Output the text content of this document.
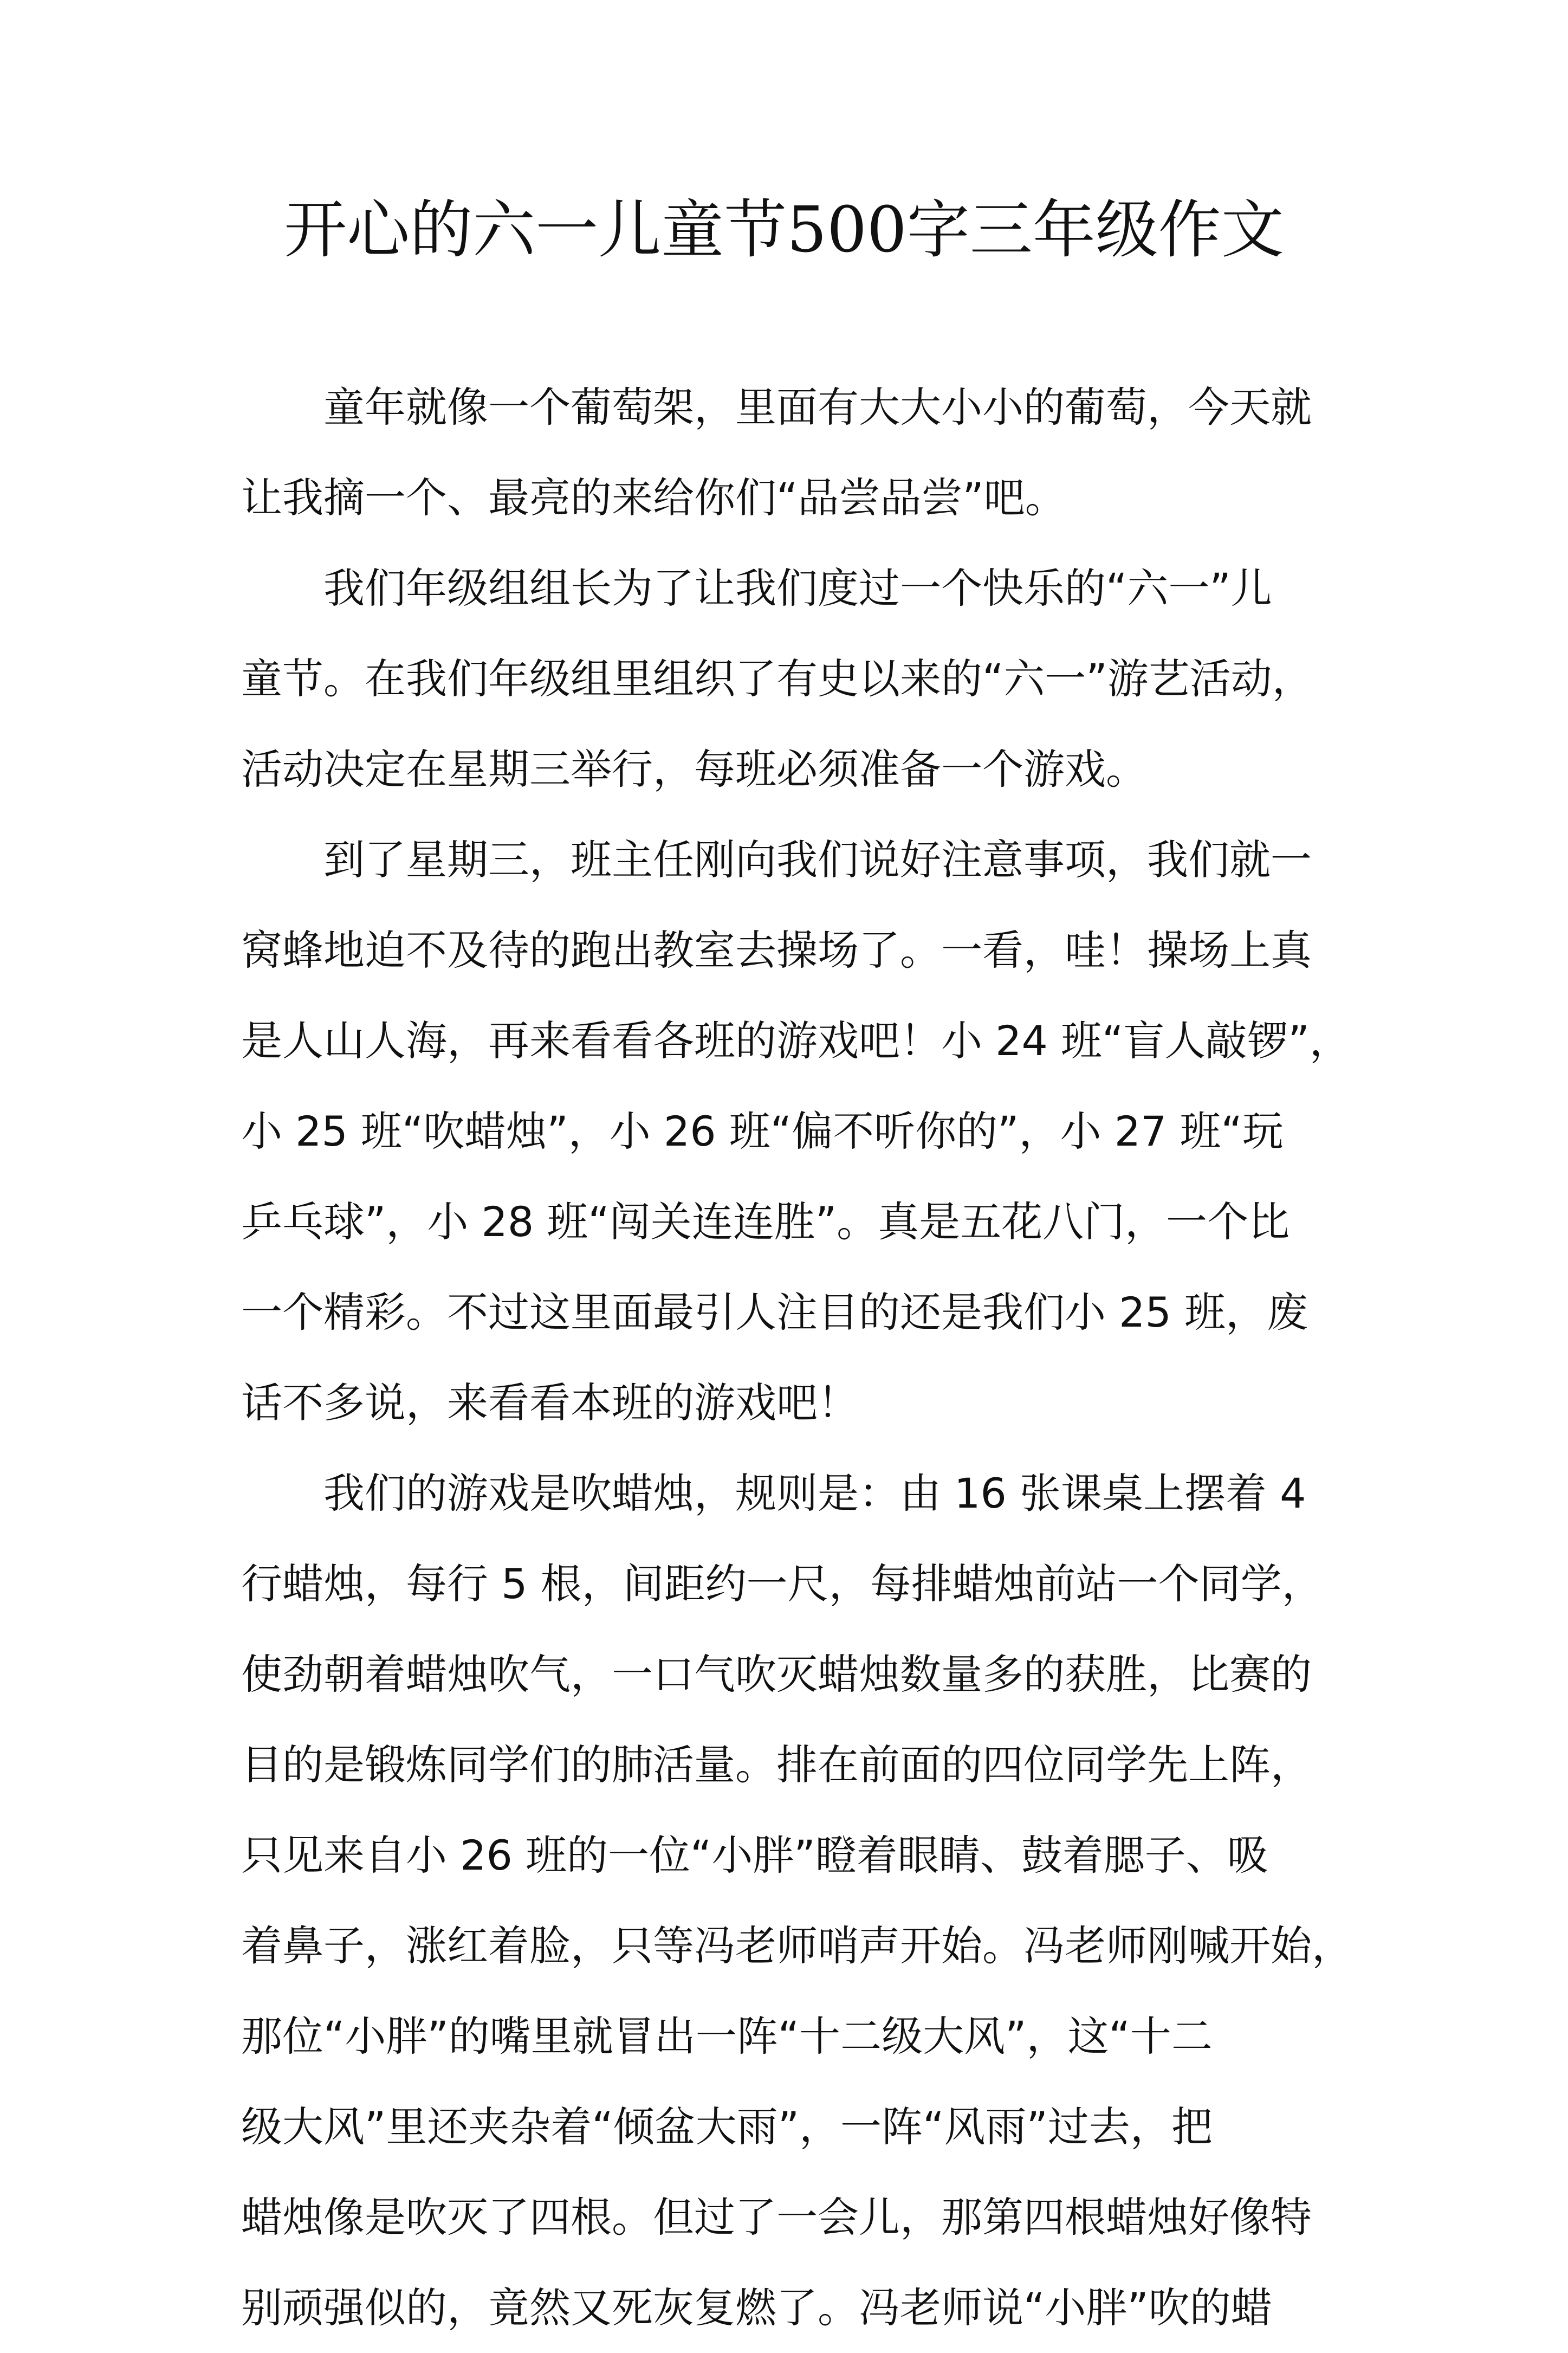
开心的六一儿童节500字三年级作文

童年就像一个葡萄架，里面有大大小小的葡萄，今天就
让我摘一个、最亮的来给你们“品尝品尝”吧。

我们年级组组长为了让我们度过一个快乐的“六一”儿
童节。在我们年级组里组织了有史以来的“六一”游艺活动，
活动决定在星期三举行，每班必须准备一个游戏。

到了星期三，班主任刚向我们说好注意事项，我们就一
窝蜂地迫不及待的跑出教室去操场了。一看，哇！操场上真
是人山人海，再来看看各班的游戏吧！小 24 班“盲人敲锣”，
小 25 班“吹蜡烛”，小 26 班“偏不听你的”，小 27 班“玩
乒乓球”，小 28 班“闯关连连胜”。真是五花八门，一个比
一个精彩。不过这里面最引人注目的还是我们小 25 班，废
话不多说，来看看本班的游戏吧！

我们的游戏是吹蜡烛，规则是：由 16 张课桌上摆着 4
行蜡烛，每行 5 根，间距约一尺，每排蜡烛前站一个同学，
使劲朝着蜡烛吹气，一口气吹灭蜡烛数量多的获胜，比赛的
目的是锻炼同学们的肺活量。排在前面的四位同学先上阵，
只见来自小 26 班的一位“小胖”瞪着眼睛、鼓着腮子、吸
着鼻子，涨红着脸，只等冯老师哨声开始。冯老师刚喊开始，
那位“小胖”的嘴里就冒出一阵“十二级大风”，这“十二
级大风”里还夹杂着“倾盆大雨”，一阵“风雨”过去，把
蜡烛像是吹灭了四根。但过了一会儿，那第四根蜡烛好像特
别顽强似的，竟然又死灰复燃了。冯老师说“小胖”吹的蜡
